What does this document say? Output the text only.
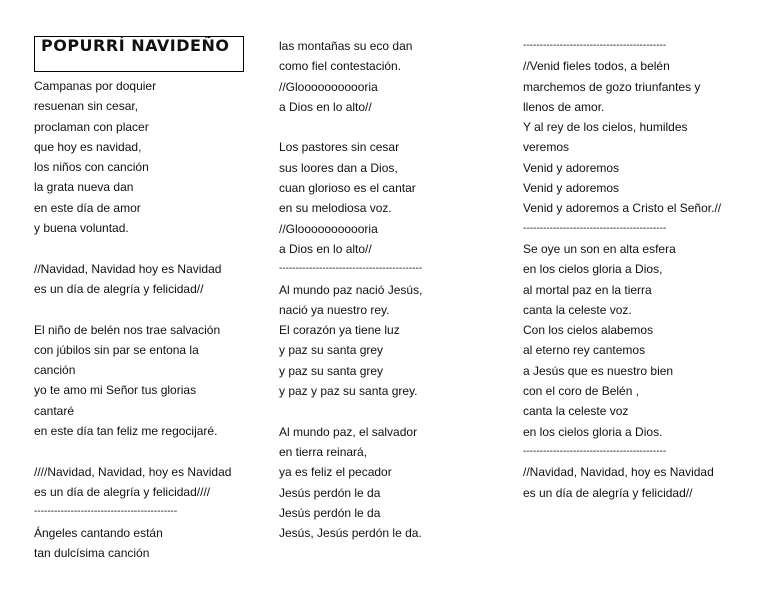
POPURRÍ NAVIDEÑO
Campanas por doquier
resuenan sin cesar,
proclaman con placer
que hoy es navidad,
los niños con canción
la grata nueva dan
en este día de amor
y buena voluntad.
//Navidad, Navidad hoy es Navidad
es un día de alegría y felicidad//
El niño de belén nos trae salvación
con júbilos sin par se entona la
canción
yo te amo mi Señor tus glorias
cantaré
en este día tan feliz me regocijaré.
////Navidad, Navidad, hoy es Navidad
es un día de alegría y felicidad////
-------------------------------------------
Ángeles cantando están
tan dulcísima canción
las montañas su eco dan
como fiel contestación.
//Glooooooooooria
a Dios en lo alto//
Los pastores sin cesar
sus loores dan a Dios,
cuan glorioso es el cantar
en su melodiosa voz.
//Glooooooooooria
a Dios en lo alto//
-------------------------------------------
Al mundo paz nació Jesús,
nació ya nuestro rey.
El corazón ya tiene luz
y paz su santa grey
y paz su santa grey
y paz y paz su santa grey.
Al mundo paz, el salvador
en tierra reinará,
ya es feliz el pecador
Jesús perdón le da
Jesús perdón le da
Jesús, Jesús perdón le da.
-------------------------------------------
//Venid fieles todos, a belén
marchemos de gozo triunfantes y
llenos de amor.
Y al rey de los cielos, humildes
veremos
Venid y adoremos
Venid y adoremos
Venid y adoremos a Cristo el Señor.//
-------------------------------------------
Se oye un son en alta esfera
en los cielos gloria a Dios,
al mortal paz en la tierra
canta la celeste voz.
Con los cielos alabemos
al eterno rey cantemos
a Jesús que es nuestro bien
con el coro de Belén ,
canta la celeste voz
en los cielos gloria a Dios.
-------------------------------------------
//Navidad, Navidad, hoy es Navidad
es un día de alegría y felicidad//
